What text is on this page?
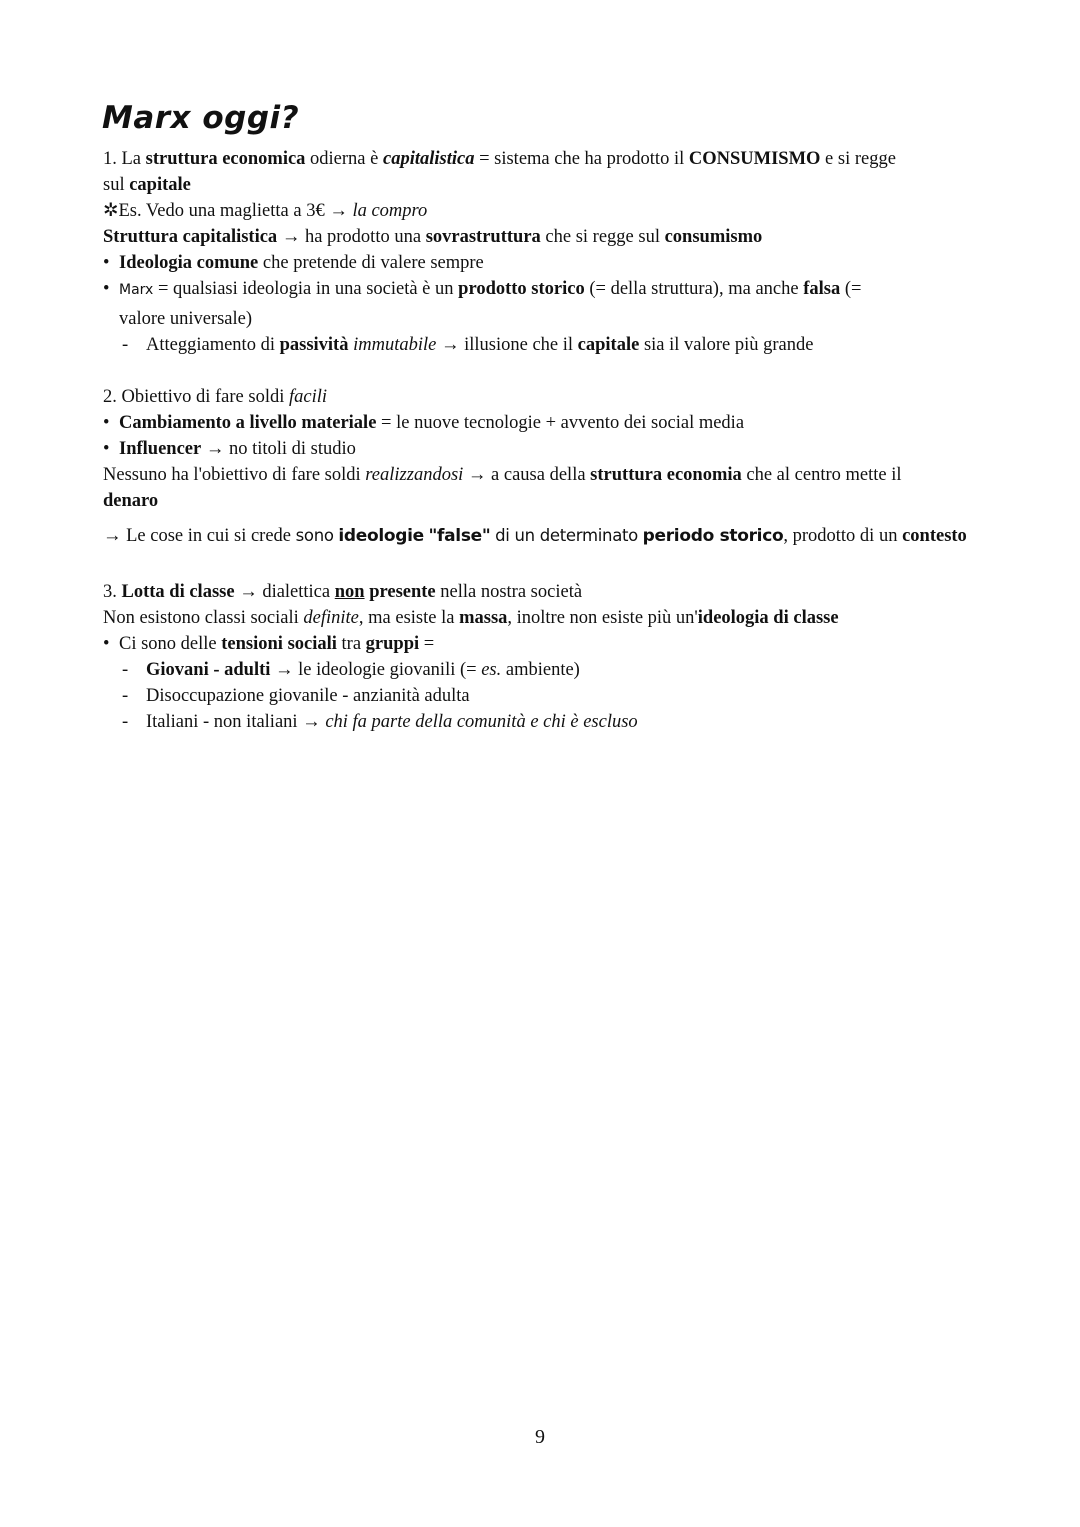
Marx oggi?
1. La struttura economica odierna è capitalistica = sistema che ha prodotto il CONSUMISMO e si regge
sul capitale
✲Es. Vedo una maglietta a 3€ → la compro
Struttura capitalistica → ha prodotto una sovrastruttura che si regge sul consumismo
• Ideologia comune che pretende di valere sempre
• Marx = qualsiasi ideologia in una società è un prodotto storico (= della struttura), ma anche falsa (=
valore universale)
- Atteggiamento di passività immutabile → illusione che il capitale sia il valore più grande
2. Obiettivo di fare soldi facili
• Cambiamento a livello materiale = le nuove tecnologie + avvento dei social media
• Influencer → no titoli di studio
Nessuno ha l'obiettivo di fare soldi realizzandosi → a causa della struttura economia che al centro mette il
denaro
→ Le cose in cui si crede sono ideologie "false" di un determinato periodo storico, prodotto di un contesto
3. Lotta di classe → dialettica non presente nella nostra società
Non esistono classi sociali definite, ma esiste la massa, inoltre non esiste più un'ideologia di classe
• Ci sono delle tensioni sociali tra gruppi =
- Giovani - adulti → le ideologie giovanili (= es. ambiente)
- Disoccupazione giovanile - anzianità adulta
- Italiani - non italiani → chi fa parte della comunità e chi è escluso
9
